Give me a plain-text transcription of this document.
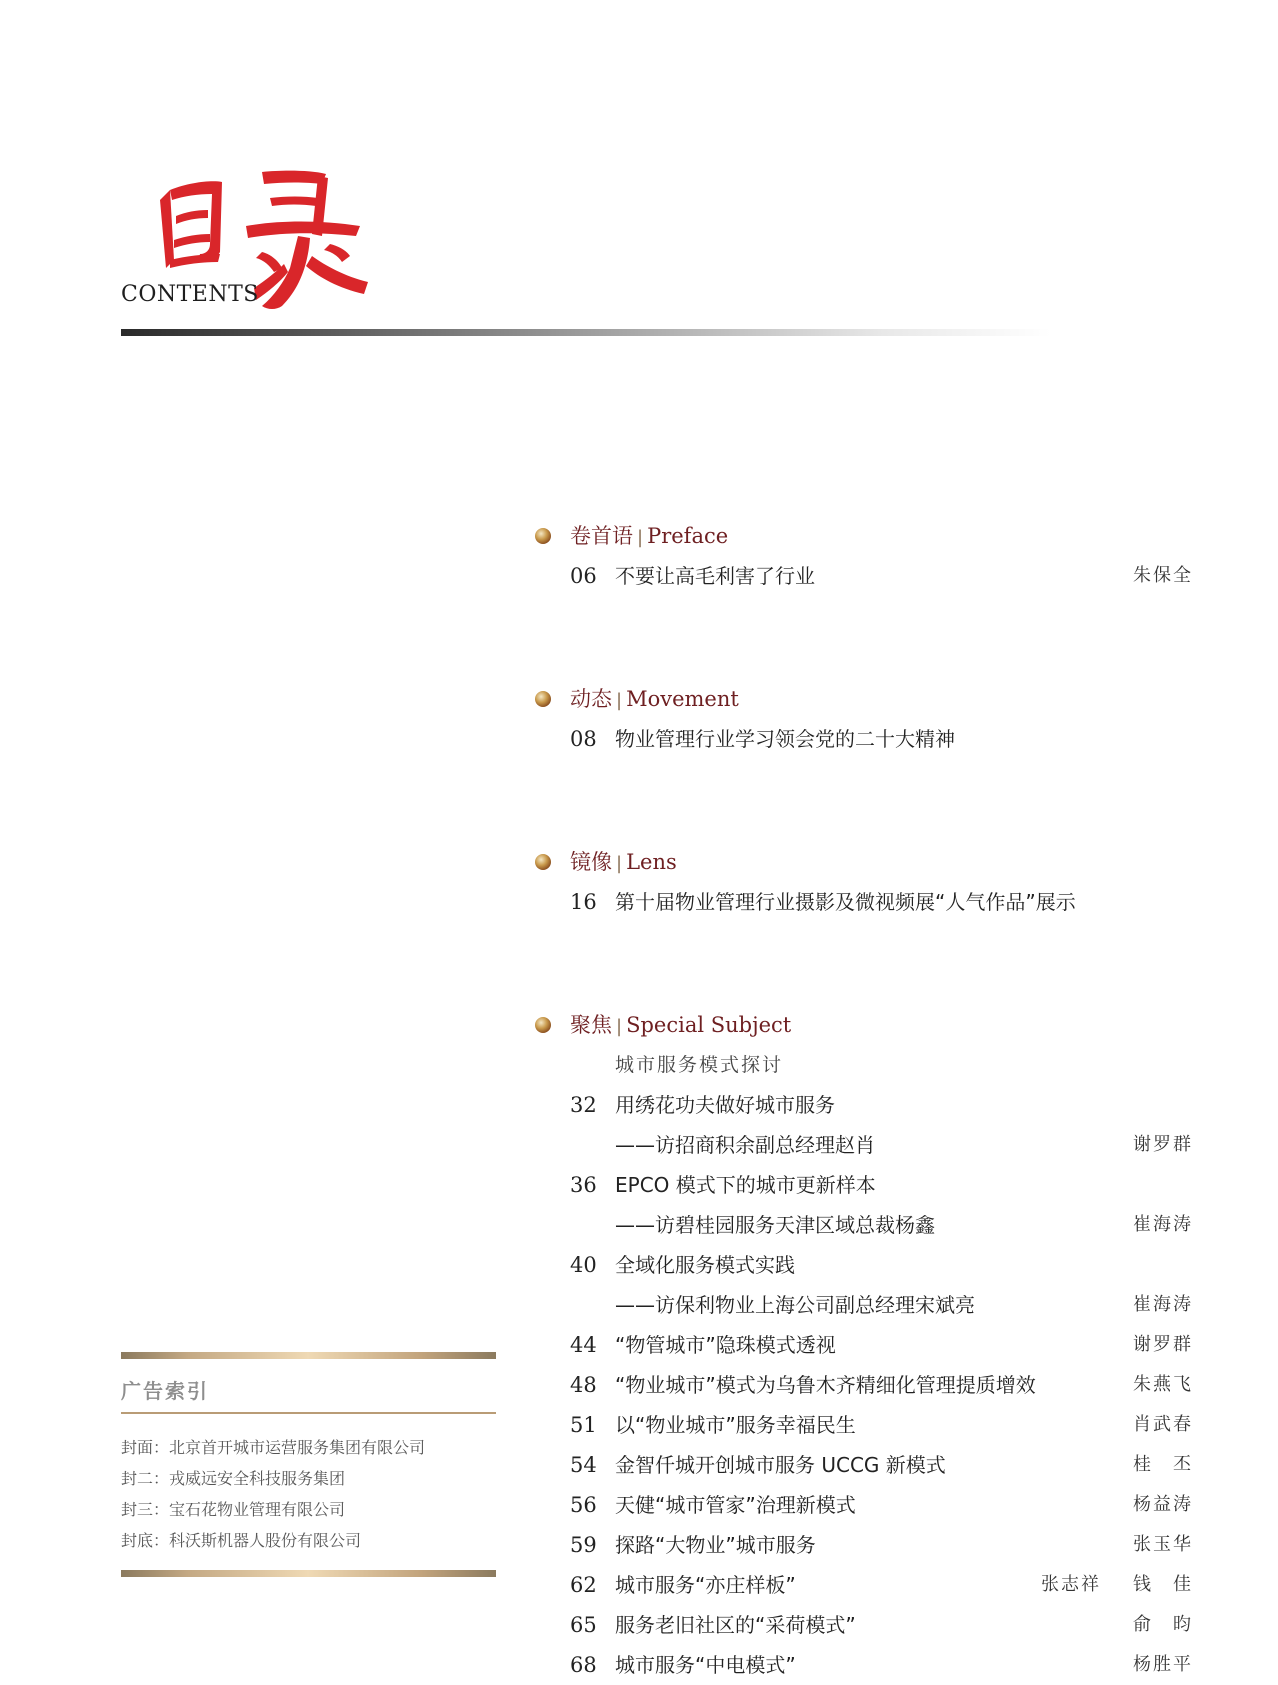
CONTENTS
广告索引
封面：北京首开城市运营服务集团有限公司
封二：戎威远安全科技服务集团
封三：宝石花物业管理有限公司
封底：科沃斯机器人股份有限公司
卷首语 | Preface
06 不要让高毛利害了行业	朱保全
动态 | Movement
08 物业管理行业学习领会党的二十大精神
镜像 | Lens
16 第十届物业管理行业摄影及微视频展“人气作品”展示
聚焦 | Special Subject
城市服务模式探讨
32 用绣花功夫做好城市服务
——访招商积余副总经理赵肖	谢罗群
36 EPCO 模式下的城市更新样本
——访碧桂园服务天津区域总裁杨鑫	崔海涛
40 全域化服务模式实践
——访保利物业上海公司副总经理宋斌亮	崔海涛
44 “物管城市”隐珠模式透视	谢罗群
48 “物业城市”模式为乌鲁木齐精细化管理提质增效	朱燕飞
51 以“物业城市”服务幸福民生	肖武春
54 金智仟城开创城市服务 UCCG 新模式	桂　丕
56 天健“城市管家”治理新模式	杨益涛
59 探路“大物业”城市服务	张玉华
62 城市服务“亦庄样板”	张志祥 钱　佳
65 服务老旧社区的“采荷模式”	俞　昀
68 城市服务“中电模式”	杨胜平
